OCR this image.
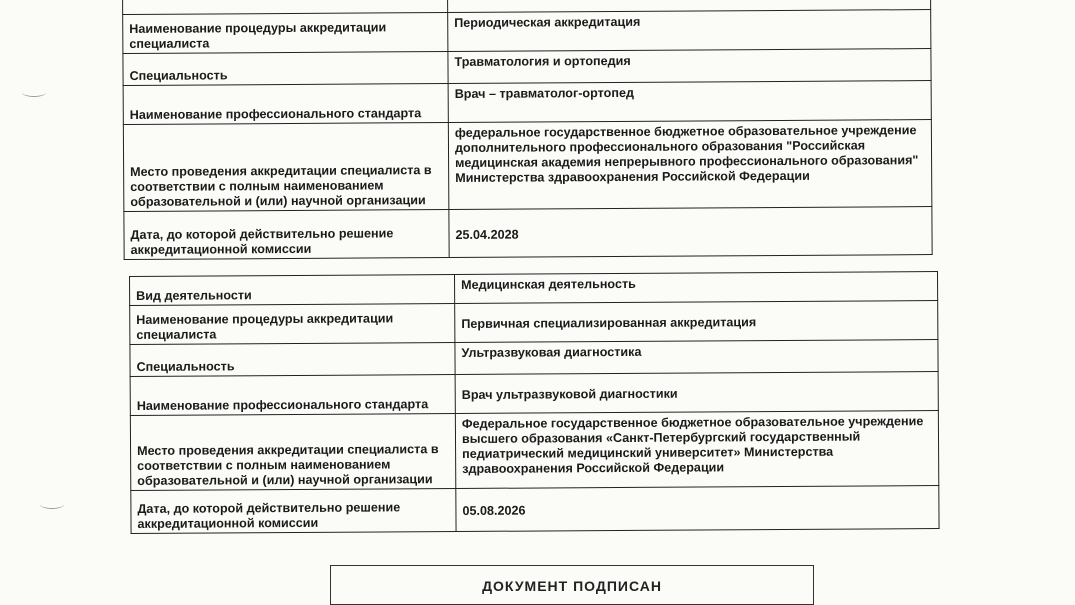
Наименование процедуры аккредитации специалиста	Периодическая аккредитация
Специальность	Травматология и ортопедия
Наименование профессионального стандарта	Врач – травматолог-ортопед
Место проведения аккредитации специалиста в соответствии с полным наименованием образовательной и (или) научной организации	федеральное государственное бюджетное образовательное учреждение дополнительного профессионального образования "Российская медицинская академия непрерывного профессионального образования" Министерства здравоохранения Российской Федерации
Дата, до которой действительно решение аккредитационной комиссии	25.04.2028
Вид деятельности	Медицинская деятельность
Наименование процедуры аккредитации специалиста	Первичная специализированная аккредитация
Специальность	Ультразвуковая диагностика
Наименование профессионального стандарта	Врач ультразвуковой диагностики
Место проведения аккредитации специалиста в соответствии с полным наименованием образовательной и (или) научной организации	Федеральное государственное бюджетное образовательное учреждение высшего образования «Санкт-Петербургский государственный педиатрический медицинский университет» Министерства здравоохранения Российской Федерации
Дата, до которой действительно решение аккредитационной комиссии	05.08.2026
ДОКУМЕНТ ПОДПИСАН
